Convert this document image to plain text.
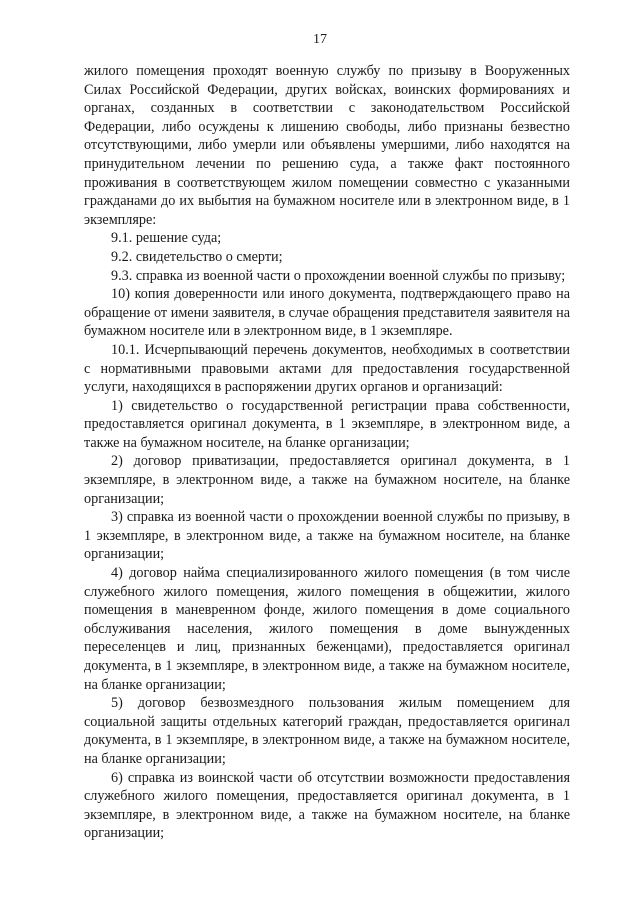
17

жилого помещения проходят военную службу по призыву в Вооруженных Силах Российской Федерации, других войсках, воинских формированиях и органах, созданных в соответствии с законодательством Российской Федерации, либо осуждены к лишению свободы, либо признаны безвестно отсутствующими, либо умерли или объявлены умершими, либо находятся на принудительном лечении по решению суда, а также факт постоянного проживания в соответствующем жилом помещении совместно с указанными гражданами до их выбытия на бумажном носителе или в электронном виде, в 1 экземпляре:

9.1. решение суда;

9.2. свидетельство о смерти;

9.3. справка из военной части о прохождении военной службы по призыву;

10) копия доверенности или иного документа, подтверждающего право на обращение от имени заявителя, в случае обращения представителя заявителя на бумажном носителе или в электронном виде, в 1 экземпляре.

10.1. Исчерпывающий перечень документов, необходимых в соответствии с нормативными правовыми актами для предоставления государственной услуги, находящихся в распоряжении других органов и организаций:

1) свидетельство о государственной регистрации права собственности, предоставляется оригинал документа, в 1 экземпляре, в электронном виде, а также на бумажном носителе, на бланке организации;

2) договор приватизации, предоставляется оригинал документа, в 1 экземпляре, в электронном виде, а также на бумажном носителе, на бланке организации;

3) справка из военной части о прохождении военной службы по призыву, в 1 экземпляре, в электронном виде, а также на бумажном носителе, на бланке организации;

4) договор найма специализированного жилого помещения (в том числе служебного жилого помещения, жилого помещения в общежитии, жилого помещения в маневренном фонде, жилого помещения в доме социального обслуживания населения, жилого помещения в доме вынужденных переселенцев и лиц, признанных беженцами), предоставляется оригинал документа, в 1 экземпляре, в электронном виде, а также на бумажном носителе, на бланке организации;

5) договор безвозмездного пользования жилым помещением для социальной защиты отдельных категорий граждан, предоставляется оригинал документа, в 1 экземпляре, в электронном виде, а также на бумажном носителе, на бланке организации;

6) справка из воинской части об отсутствии возможности предоставления служебного жилого помещения, предоставляется оригинал документа, в 1 экземпляре, в электронном виде, а также на бумажном носителе, на бланке организации;
